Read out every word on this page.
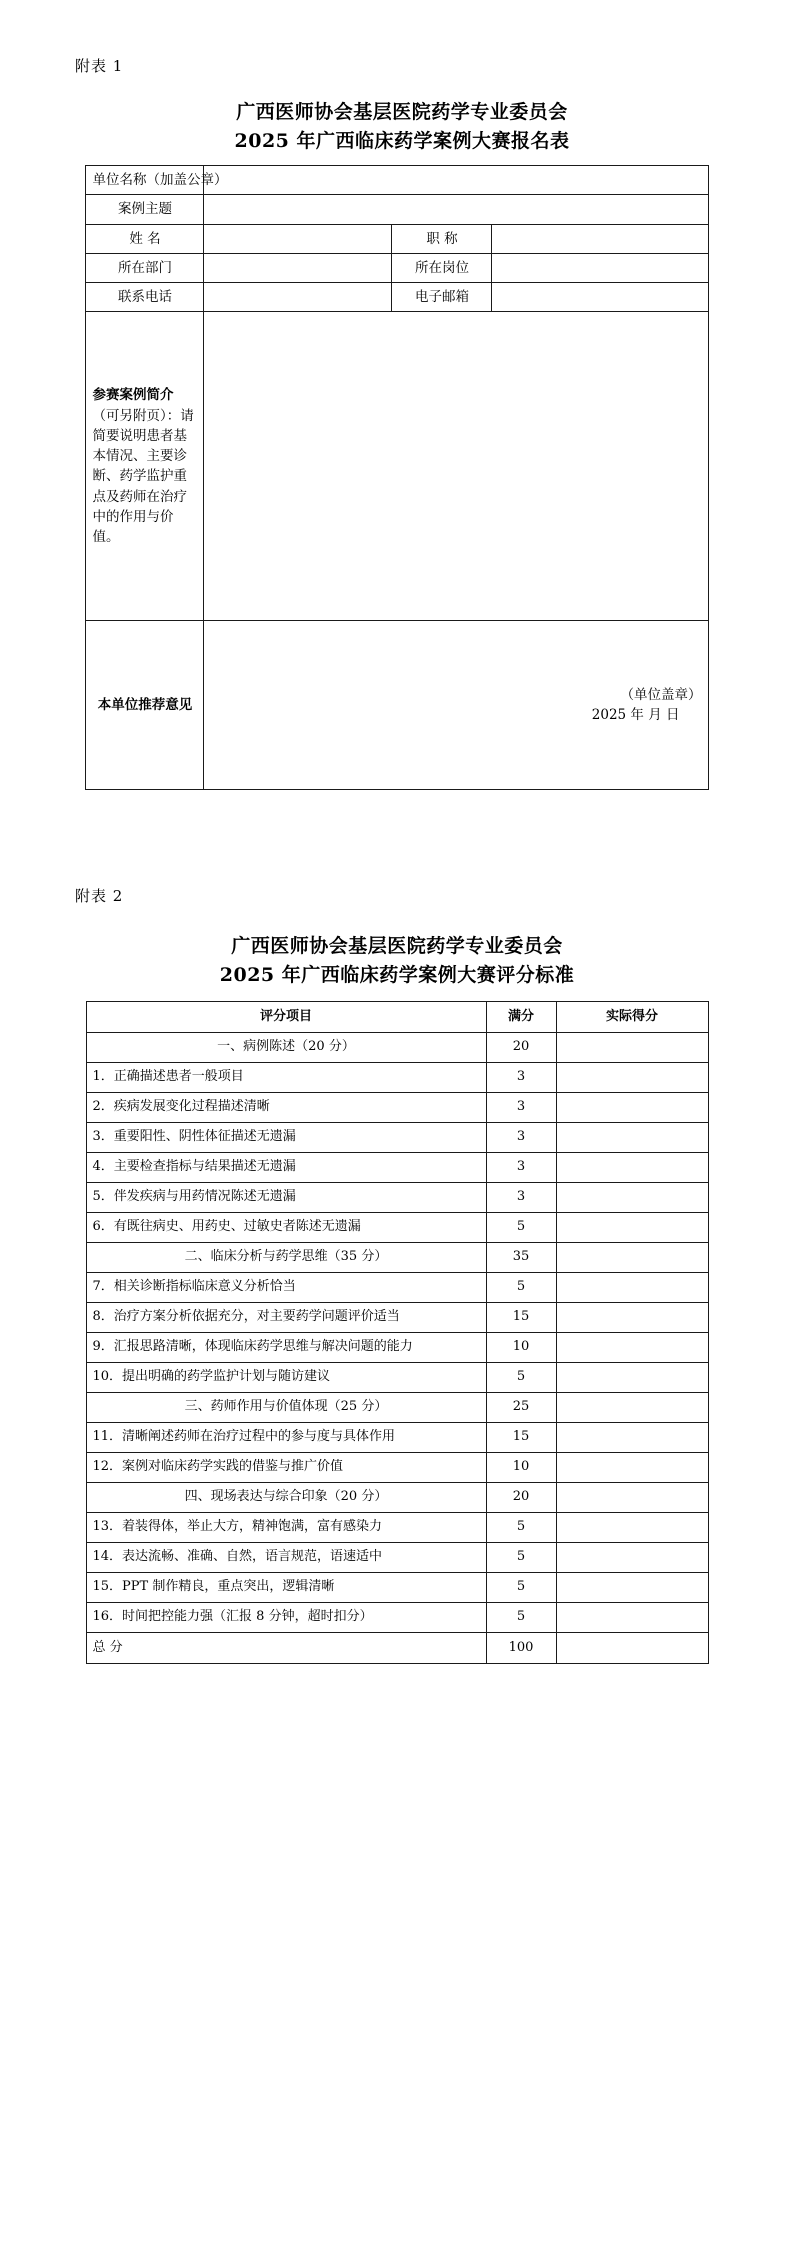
附表 1
广西医师协会基层医院药学专业委员会
2025 年广西临床药学案例大赛报名表
单位名称（加盖公章）			
案例主题			
姓 名		职 称	
所在部门		所在岗位	
联系电话		电子邮箱	
参赛案例简介（可另附页）：请简要说明患者基本情况、主要诊断、药学监护重点及药师在治疗中的作用与价值。			
本单位推荐意见	（单位盖章）
2025 年 月 日		
附表 2
广西医师协会基层医院药学专业委员会
2025 年广西临床药学案例大赛评分标准
评分项目	满分	实际得分
一、病例陈述（20 分）	20	
1．正确描述患者一般项目	3	
2．疾病发展变化过程描述清晰	3	
3．重要阳性、阴性体征描述无遗漏	3	
4．主要检查指标与结果描述无遗漏	3	
5．伴发疾病与用药情况陈述无遗漏	3	
6．有既往病史、用药史、过敏史者陈述无遗漏	5	
二、临床分析与药学思维（35 分）	35	
7．相关诊断指标临床意义分析恰当	5	
8．治疗方案分析依据充分，对主要药学问题评价适当	15	
9．汇报思路清晰，体现临床药学思维与解决问题的能力	10	
10．提出明确的药学监护计划与随访建议	5	
三、药师作用与价值体现（25 分）	25	
11．清晰阐述药师在治疗过程中的参与度与具体作用	15	
12．案例对临床药学实践的借鉴与推广价值	10	
四、现场表达与综合印象（20 分）	20	
13．着装得体，举止大方，精神饱满，富有感染力	5	
14．表达流畅、准确、自然，语言规范，语速适中	5	
15．PPT 制作精良，重点突出，逻辑清晰	5	
16．时间把控能力强（汇报 8 分钟，超时扣分）	5	
总 分	100	
